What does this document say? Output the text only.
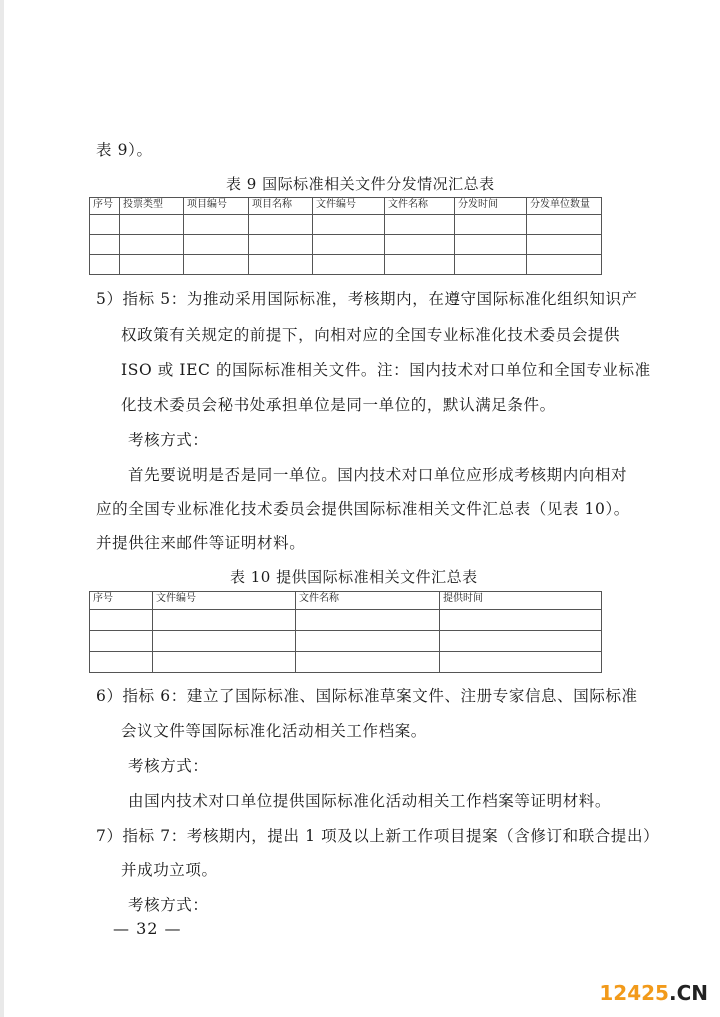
表 9）。
表 9 国际标准相关文件分发情况汇总表
序号	投票类型	项目编号	项目名称	文件编号	文件名称	分发时间	分发单位数量

5）指标 5：为推动采用国际标准，考核期内，在遵守国际标准化组织知识产
权政策有关规定的前提下，向相对应的全国专业标准化技术委员会提供
ISO 或 IEC 的国际标准相关文件。注：国内技术对口单位和全国专业标准
化技术委员会秘书处承担单位是同一单位的，默认满足条件。
考核方式：
首先要说明是否是同一单位。国内技术对口单位应形成考核期内向相对
应的全国专业标准化技术委员会提供国际标准相关文件汇总表（见表 10）。
并提供往来邮件等证明材料。
表 10 提供国际标准相关文件汇总表
序号	文件编号	文件名称	提供时间

6）指标 6：建立了国际标准、国际标准草案文件、注册专家信息、国际标准
会议文件等国际标准化活动相关工作档案。
考核方式：
由国内技术对口单位提供国际标准化活动相关工作档案等证明材料。
7）指标 7：考核期内，提出 1 项及以上新工作项目提案（含修订和联合提出）
并成功立项。
考核方式：
— 32 —
12425.CN
